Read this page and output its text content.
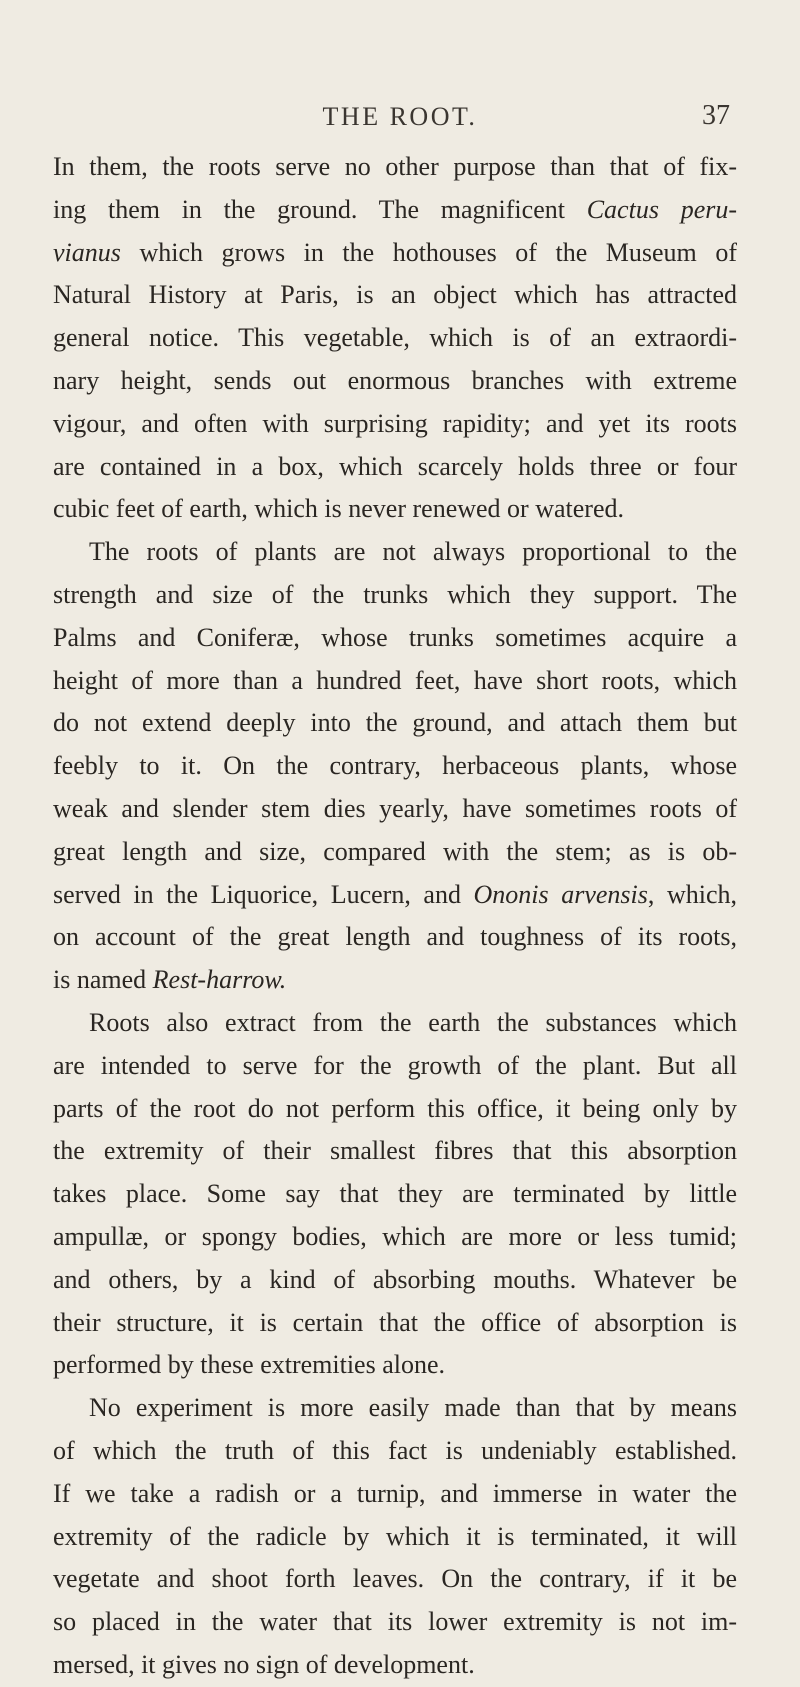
THE ROOT.	37
In them, the roots serve no other purpose than that of fix-
ing them in the ground. The magnificent Cactus peru-
vianus which grows in the hothouses of the Museum of
Natural History at Paris, is an object which has attracted
general notice. This vegetable, which is of an extraordi-
nary height, sends out enormous branches with extreme
vigour, and often with surprising rapidity; and yet its roots
are contained in a box, which scarcely holds three or four
cubic feet of earth, which is never renewed or watered.
The roots of plants are not always proportional to the
strength and size of the trunks which they support. The
Palms and Coniferæ, whose trunks sometimes acquire a
height of more than a hundred feet, have short roots, which
do not extend deeply into the ground, and attach them but
feebly to it. On the contrary, herbaceous plants, whose
weak and slender stem dies yearly, have sometimes roots of
great length and size, compared with the stem; as is ob-
served in the Liquorice, Lucern, and Ononis arvensis, which,
on account of the great length and toughness of its roots,
is named Rest-harrow.
Roots also extract from the earth the substances which
are intended to serve for the growth of the plant. But all
parts of the root do not perform this office, it being only by
the extremity of their smallest fibres that this absorption
takes place. Some say that they are terminated by little
ampullæ, or spongy bodies, which are more or less tumid;
and others, by a kind of absorbing mouths. Whatever be
their structure, it is certain that the office of absorption is
performed by these extremities alone.
No experiment is more easily made than that by means
of which the truth of this fact is undeniably established.
If we take a radish or a turnip, and immerse in water the
extremity of the radicle by which it is terminated, it will
vegetate and shoot forth leaves. On the contrary, if it be
so placed in the water that its lower extremity is not im-
mersed, it gives no sign of development.
